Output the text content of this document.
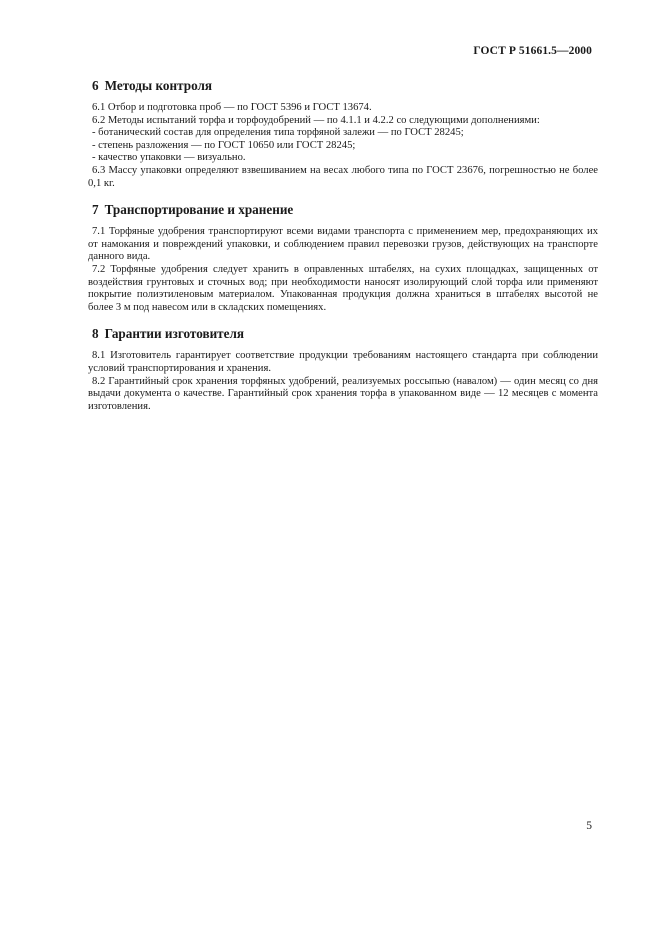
ГОСТ Р 51661.5—2000
6 Методы контроля

6.1 Отбор и подготовка проб — по ГОСТ 5396 и ГОСТ 13674.

6.2 Методы испытаний торфа и торфоудобрений — по 4.1.1 и 4.2.2 со следующими дополнениями:

- ботанический состав для определения типа торфяной залежи — по ГОСТ 28245;

- степень разложения — по ГОСТ 10650 или ГОСТ 28245;

- качество упаковки — визуально.

6.3 Массу упаковки определяют взвешиванием на весах любого типа по ГОСТ 23676, погрешностью не более 0,1 кг.

7 Транспортирование и хранение

7.1 Торфяные удобрения транспортируют всеми видами транспорта с применением мер, предохраняющих их от намокания и повреждений упаковки, и соблюдением правил перевозки грузов, действующих на транспорте данного вида.

7.2 Торфяные удобрения следует хранить в оправленных штабелях, на сухих площадках, защищенных от воздействия грунтовых и сточных вод; при необходимости наносят изолирующий слой торфа или применяют покрытие полиэтиленовым материалом. Упакованная продукция должна храниться в штабелях высотой не более 3 м под навесом или в складских помещениях.

8 Гарантии изготовителя

8.1 Изготовитель гарантирует соответствие продукции требованиям настоящего стандарта при соблюдении условий транспортирования и хранения.

8.2 Гарантийный срок хранения торфяных удобрений, реализуемых россыпью (навалом) — один месяц со дня выдачи документа о качестве. Гарантийный срок хранения торфа в упакованном виде — 12 месяцев с момента изготовления.

5
